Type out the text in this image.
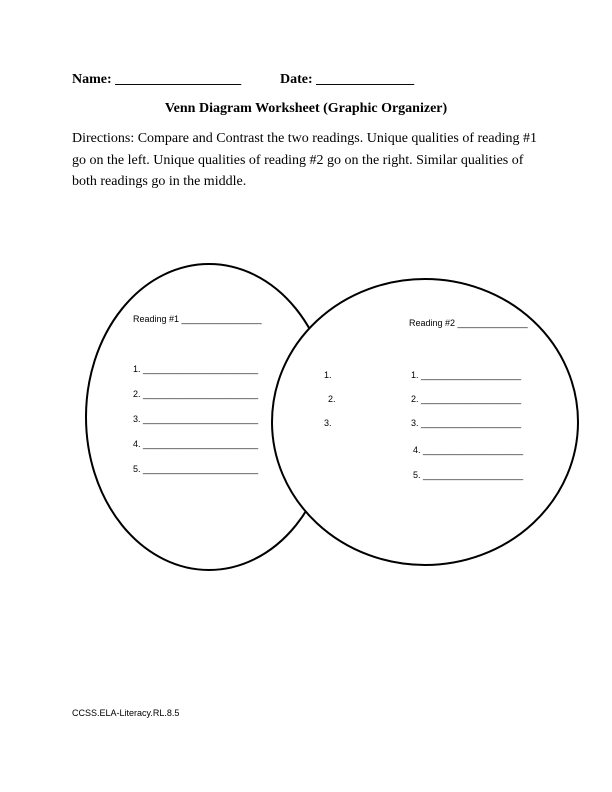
Name: __________________	Date: ______________
Venn Diagram Worksheet (Graphic Organizer)
Directions: Compare and Contrast the two readings. Unique qualities of reading #1 go on the left. Unique qualities of reading #2 go on the right. Similar qualities of both readings go in the middle.
Reading #1 ________________
1. _______________________
2. _______________________
3. _______________________
4. _______________________
5. _______________________
1.
2.
3.
Reading #2 ______________
1. ____________________
2. ____________________
3. ____________________
4. ____________________
5. ____________________
CCSS.ELA-Literacy.RL.8.5
